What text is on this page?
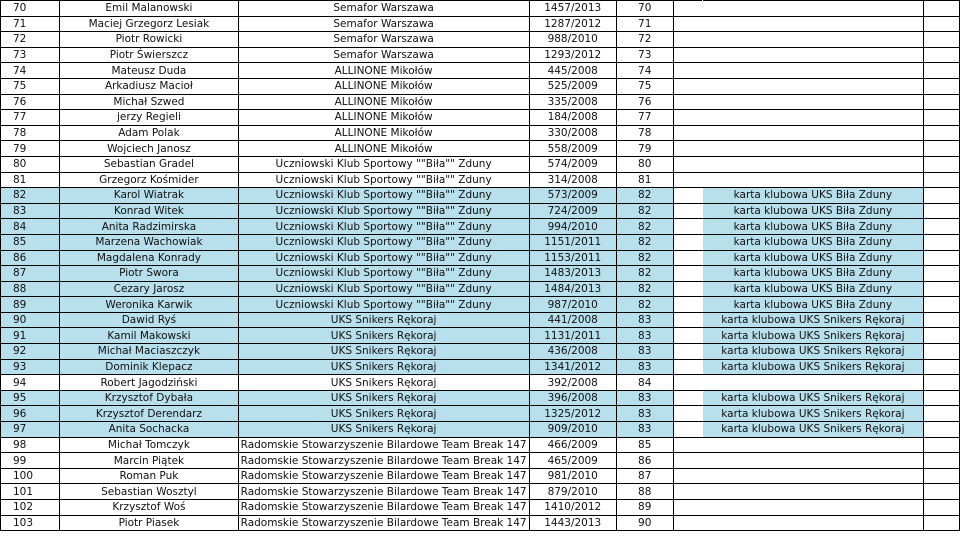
70	Emil Malanowski	Semafor Warszawa	1457/2013	70			
71	Maciej Grzegorz Lesiak	Semafor Warszawa	1287/2012	71			
72	Piotr Rowicki	Semafor Warszawa	988/2010	72			
73	Piotr Świerszcz	Semafor Warszawa	1293/2012	73			
74	Mateusz Duda	ALLINONE Mikołów	445/2008	74			
75	Arkadiusz Macioł	ALLINONE Mikołów	525/2009	75			
76	Michał Szwed	ALLINONE Mikołów	335/2008	76			
77	jerzy Regieli	ALLINONE Mikołów	184/2008	77			
78	Adam Polak	ALLINONE Mikołów	330/2008	78			
79	Wojciech Janosz	ALLINONE Mikołów	558/2009	79			
80	Sebastian Gradel	Uczniowski Klub Sportowy ""Biła"" Zduny	574/2009	80			
81	Grzegorz Kośmider	Uczniowski Klub Sportowy ""Biła"" Zduny	314/2008	81			
82	Karol Wiatrak	Uczniowski Klub Sportowy ""Biła"" Zduny	573/2009	82		karta klubowa UKS Biła Zduny	
83	Konrad Witek	Uczniowski Klub Sportowy ""Biła"" Zduny	724/2009	82		karta klubowa UKS Biła Zduny	
84	Anita Radzimirska	Uczniowski Klub Sportowy ""Biła"" Zduny	994/2010	82		karta klubowa UKS Biła Zduny	
85	Marzena Wachowiak	Uczniowski Klub Sportowy ""Biła"" Zduny	1151/2011	82		karta klubowa UKS Biła Zduny	
86	Magdalena Konrady	Uczniowski Klub Sportowy ""Biła"" Zduny	1153/2011	82		karta klubowa UKS Biła Zduny	
87	Piotr Swora	Uczniowski Klub Sportowy ""Biła"" Zduny	1483/2013	82		karta klubowa UKS Biła Zduny	
88	Cezary Jarosz	Uczniowski Klub Sportowy ""Biła"" Zduny	1484/2013	82		karta klubowa UKS Biła Zduny	
89	Weronika Karwik	Uczniowski Klub Sportowy ""Biła"" Zduny	987/2010	82		karta klubowa UKS Biła Zduny	
90	Dawid Ryś	UKS Snikers Rękoraj	441/2008	83		karta klubowa UKS Snikers Rękoraj	
91	Kamil Makowski	UKS Snikers Rękoraj	1131/2011	83		karta klubowa UKS Snikers Rękoraj	
92	Michał Maciaszczyk	UKS Snikers Rękoraj	436/2008	83		karta klubowa UKS Snikers Rękoraj	
93	Dominik Klepacz	UKS Snikers Rękoraj	1341/2012	83		karta klubowa UKS Snikers Rękoraj	
94	Robert Jagodziński	UKS Snikers Rękoraj	392/2008	84			
95	Krzysztof Dybała	UKS Snikers Rękoraj	396/2008	83		karta klubowa UKS Snikers Rękoraj	
96	Krzysztof Derendarz	UKS Snikers Rękoraj	1325/2012	83		karta klubowa UKS Snikers Rękoraj	
97	Anita Sochacka	UKS Snikers Rękoraj	909/2010	83		karta klubowa UKS Snikers Rękoraj	
98	Michał Tomczyk	Radomskie Stowarzyszenie Bilardowe Team Break 147	466/2009	85			
99	Marcin Piątek	Radomskie Stowarzyszenie Bilardowe Team Break 147	465/2009	86			
100	Roman Puk	Radomskie Stowarzyszenie Bilardowe Team Break 147	981/2010	87			
101	Sebastian Wosztyl	Radomskie Stowarzyszenie Bilardowe Team Break 147	879/2010	88			
102	Krzysztof Woś	Radomskie Stowarzyszenie Bilardowe Team Break 147	1410/2012	89			
103	Piotr Piasek	Radomskie Stowarzyszenie Bilardowe Team Break 147	1443/2013	90			
